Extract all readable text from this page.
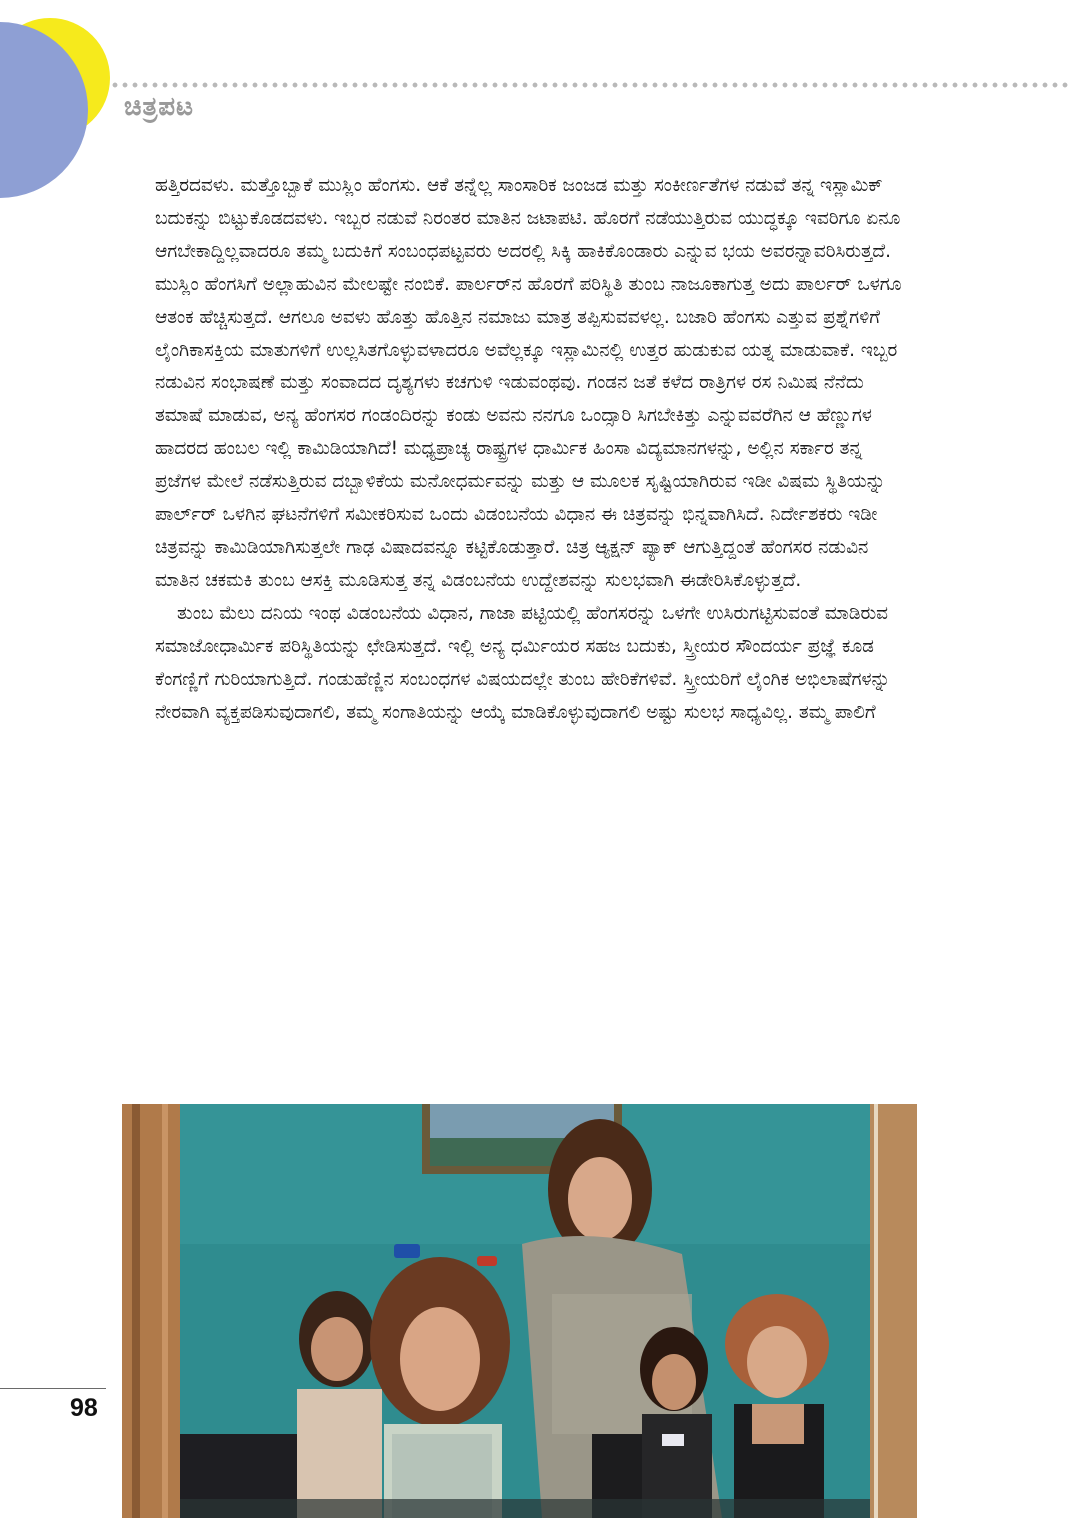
ಚಿತ್ರಪಟ

ಹತ್ತಿರದವಳು. ಮತ್ತೊಬ್ಬಾಕೆ ಮುಸ್ಲಿಂ ಹೆಂಗಸು. ಆಕೆ ತನ್ನೆಲ್ಲ ಸಾಂಸಾರಿಕ ಜಂಜಡ ಮತ್ತು ಸಂಕೀರ್ಣತೆಗಳ ನಡುವೆ ತನ್ನ ಇಸ್ಲಾಮಿಕ್ ಬದುಕನ್ನು ಬಿಟ್ಟುಕೊಡದವಳು. ಇಬ್ಬರ ನಡುವೆ ನಿರಂತರ ಮಾತಿನ ಜಟಾಪಟಿ. ಹೊರಗೆ ನಡೆಯುತ್ತಿರುವ ಯುದ್ಧಕ್ಕೂ ಇವರಿಗೂ ಏನೂ ಆಗಬೇಕಾದ್ದಿಲ್ಲವಾದರೂ ತಮ್ಮ ಬದುಕಿಗೆ ಸಂಬಂಧಪಟ್ಟವರು ಅದರಲ್ಲಿ ಸಿಕ್ಕಿ ಹಾಕಿಕೊಂಡಾರು ಎನ್ನುವ ಭಯ ಅವರನ್ನಾವರಿಸಿರುತ್ತದೆ. ಮುಸ್ಲಿಂ ಹೆಂಗಸಿಗೆ ಅಲ್ಲಾಹುವಿನ ಮೇಲಷ್ಟೇ ನಂಬಿಕೆ. ಪಾರ್ಲರ್‌ನ ಹೊರಗೆ ಪರಿಸ್ಥಿತಿ ತುಂಬ ನಾಜೂಕಾಗುತ್ತ ಅದು ಪಾರ್ಲರ್ ಒಳಗೂ ಆತಂಕ ಹೆಚ್ಚಿಸುತ್ತದೆ. ಆಗಲೂ ಅವಳು ಹೊತ್ತು ಹೊತ್ತಿನ ನಮಾಜು ಮಾತ್ರ ತಪ್ಪಿಸುವವಳಲ್ಲ. ಬಜಾರಿ ಹೆಂಗಸು ಎತ್ತುವ ಪ್ರಶ್ನೆಗಳಿಗೆ ಲೈಂಗಿಕಾಸಕ್ತಿಯ ಮಾತುಗಳಿಗೆ ಉಲ್ಲಸಿತಗೊಳ್ಳುವಳಾದರೂ ಅವೆಲ್ಲಕ್ಕೂ ಇಸ್ಲಾಮಿನಲ್ಲಿ ಉತ್ತರ ಹುಡುಕುವ ಯತ್ನ ಮಾಡುವಾಕೆ. ಇಬ್ಬರ ನಡುವಿನ ಸಂಭಾಷಣೆ ಮತ್ತು ಸಂವಾದದ ದೃಶ್ಯಗಳು ಕಚಗುಳಿ ಇಡುವಂಥವು. ಗಂಡನ ಜತೆ ಕಳೆದ ರಾತ್ರಿಗಳ ರಸ ನಿಮಿಷ ನೆನೆದು ತಮಾಷೆ ಮಾಡುವ, ಅನ್ಯ ಹೆಂಗಸರ ಗಂಡಂದಿರನ್ನು ಕಂಡು ಅವನು ನನಗೂ ಒಂದ್ಸಾರಿ ಸಿಗಬೇಕಿತ್ತು ಎನ್ನುವವರೆಗಿನ ಆ ಹೆಣ್ಣುಗಳ ಹಾದರದ ಹಂಬಲ ಇಲ್ಲಿ ಕಾಮಿಡಿಯಾಗಿದೆ! ಮಧ್ಯಪ್ರಾಚ್ಯ ರಾಷ್ಟ್ರಗಳ ಧಾರ್ಮಿಕ ಹಿಂಸಾ ವಿದ್ಯಮಾನಗಳನ್ನು, ಅಲ್ಲಿನ ಸರ್ಕಾರ ತನ್ನ ಪ್ರಜೆಗಳ ಮೇಲೆ ನಡೆಸುತ್ತಿರುವ ದಬ್ಬಾಳಿಕೆಯ ಮನೋಧರ್ಮವನ್ನು ಮತ್ತು ಆ ಮೂಲಕ ಸೃಷ್ಟಿಯಾಗಿರುವ ಇಡೀ ವಿಷಮ ಸ್ಥಿತಿಯನ್ನು ಪಾರ್ಲ್‌ರ್ ಒಳಗಿನ ಘಟನೆಗಳಿಗೆ ಸಮೀಕರಿಸುವ ಒಂದು ವಿಡಂಬನೆಯ ವಿಧಾನ ಈ ಚಿತ್ರವನ್ನು ಭಿನ್ನವಾಗಿಸಿದೆ. ನಿರ್ದೇಶಕರು ಇಡೀ ಚಿತ್ರವನ್ನು ಕಾಮಿಡಿಯಾಗಿಸುತ್ತಲೇ ಗಾಢ ವಿಷಾದವನ್ನೂ ಕಟ್ಟಿಕೊಡುತ್ತಾರೆ. ಚಿತ್ರ ಆ್ಯಕ್ಷನ್ ಪ್ಯಾಕ್ ಆಗುತ್ತಿದ್ದಂತೆ ಹೆಂಗಸರ ನಡುವಿನ ಮಾತಿನ ಚಕಮಕಿ ತುಂಬ ಆಸಕ್ತಿ ಮೂಡಿಸುತ್ತ ತನ್ನ ವಿಡಂಬನೆಯ ಉದ್ದೇಶವನ್ನು ಸುಲಭವಾಗಿ ಈಡೇರಿಸಿಕೊಳ್ಳುತ್ತದೆ.

ತುಂಬ ಮೆಲು ದನಿಯ ಇಂಥ ವಿಡಂಬನೆಯ ವಿಧಾನ, ಗಾಜಾ ಪಟ್ಟಿಯಲ್ಲಿ ಹೆಂಗಸರನ್ನು ಒಳಗೇ ಉಸಿರುಗಟ್ಟಿಸುವಂತೆ ಮಾಡಿರುವ ಸಮಾಜೋಧಾರ್ಮಿಕ ಪರಿಸ್ಥಿತಿಯನ್ನು ಛೇಡಿಸುತ್ತದೆ. ಇಲ್ಲಿ ಅನ್ಯ ಧರ್ಮಿಯರ ಸಹಜ ಬದುಕು, ಸ್ತ್ರೀಯರ ಸೌಂದರ್ಯ ಪ್ರಜ್ಞೆ ಕೂಡ ಕೆಂಗಣ್ಣಿಗೆ ಗುರಿಯಾಗುತ್ತಿದೆ. ಗಂಡುಹೆಣ್ಣಿನ ಸಂಬಂಧಗಳ ವಿಷಯದಲ್ಲೇ ತುಂಬ ಹೇರಿಕೆಗಳಿವೆ. ಸ್ತ್ರೀಯರಿಗೆ ಲೈಂಗಿಕ ಅಭಿಲಾಷೆಗಳನ್ನು ನೇರವಾಗಿ ವ್ಯಕ್ತಪಡಿಸುವುದಾಗಲಿ, ತಮ್ಮ ಸಂಗಾತಿಯನ್ನು ಆಯ್ಕೆ ಮಾಡಿಕೊಳ್ಳುವುದಾಗಲಿ ಅಷ್ಟು ಸುಲಭ ಸಾಧ್ಯವಿಲ್ಲ. ತಮ್ಮ ಪಾಲಿಗೆ

98
